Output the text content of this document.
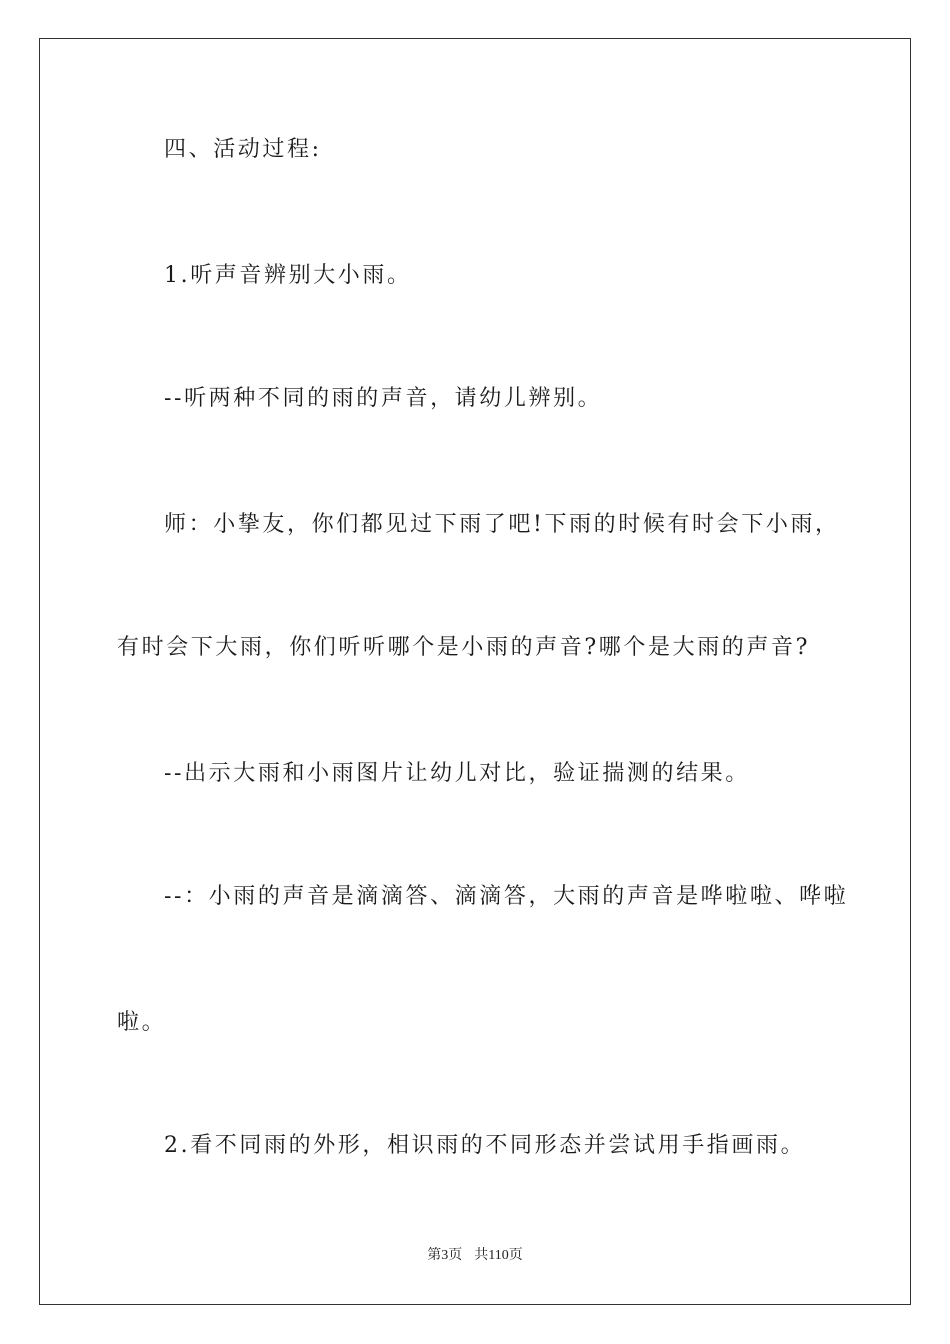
四、活动过程:
1.听声音辨别大小雨。
--听两种不同的雨的声音，请幼儿辨别。
师：小挚友，你们都见过下雨了吧!下雨的时候有时会下小雨，
有时会下大雨，你们听听哪个是小雨的声音?哪个是大雨的声音?
--出示大雨和小雨图片让幼儿对比，验证揣测的结果。
--：小雨的声音是滴滴答、滴滴答，大雨的声音是哗啦啦、哗啦
啦。
2.看不同雨的外形，相识雨的不同形态并尝试用手指画雨。
第3页 共110页
